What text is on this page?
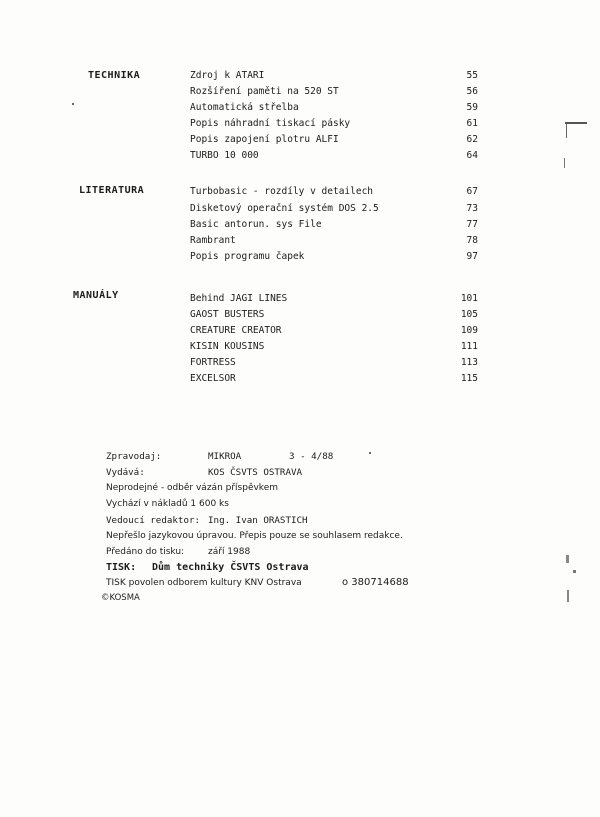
TECHNIKA	Zdroj k ATARI	55
Rozšíření paměti na 520 ST	56
Automatická střelba	59
Popis náhradní tiskací pásky	61
Popis zapojení plotru ALFI	62
TURBO 10 000	64
LITERATURA	Turbobasic - rozdíly v detailech	67
Disketový operační systém DOS 2.5	73
Basic antorun. sys File	77
Rambrant	78
Popis programu čapek	97
MANUÁLY	Behind JAGI LINES	101
GAOST BUSTERS	105
CREATURE CREATOR	109
KISIN KOUSINS	111
FORTRESS	113
EXCELSOR	115
Zpravodaj:	MIKROA	3 - 4/88
Vydává:	KOS ČSVTS OSTRAVA
Neprodejné - odběr vázán příspěvkem
Vychází v nákladů 1 600 ks
Vedoucí redaktor: Ing. Ivan ORASTICH
Nepřešlo jazykovou úpravou. Přepis pouze se souhlasem redakce.
Předáno do tisku:	září 1988
TISK: Dům techniky ČSVTS Ostrava
TISK povolen odborem kultury KNV Ostrava	o 380714688
©KOSMA
